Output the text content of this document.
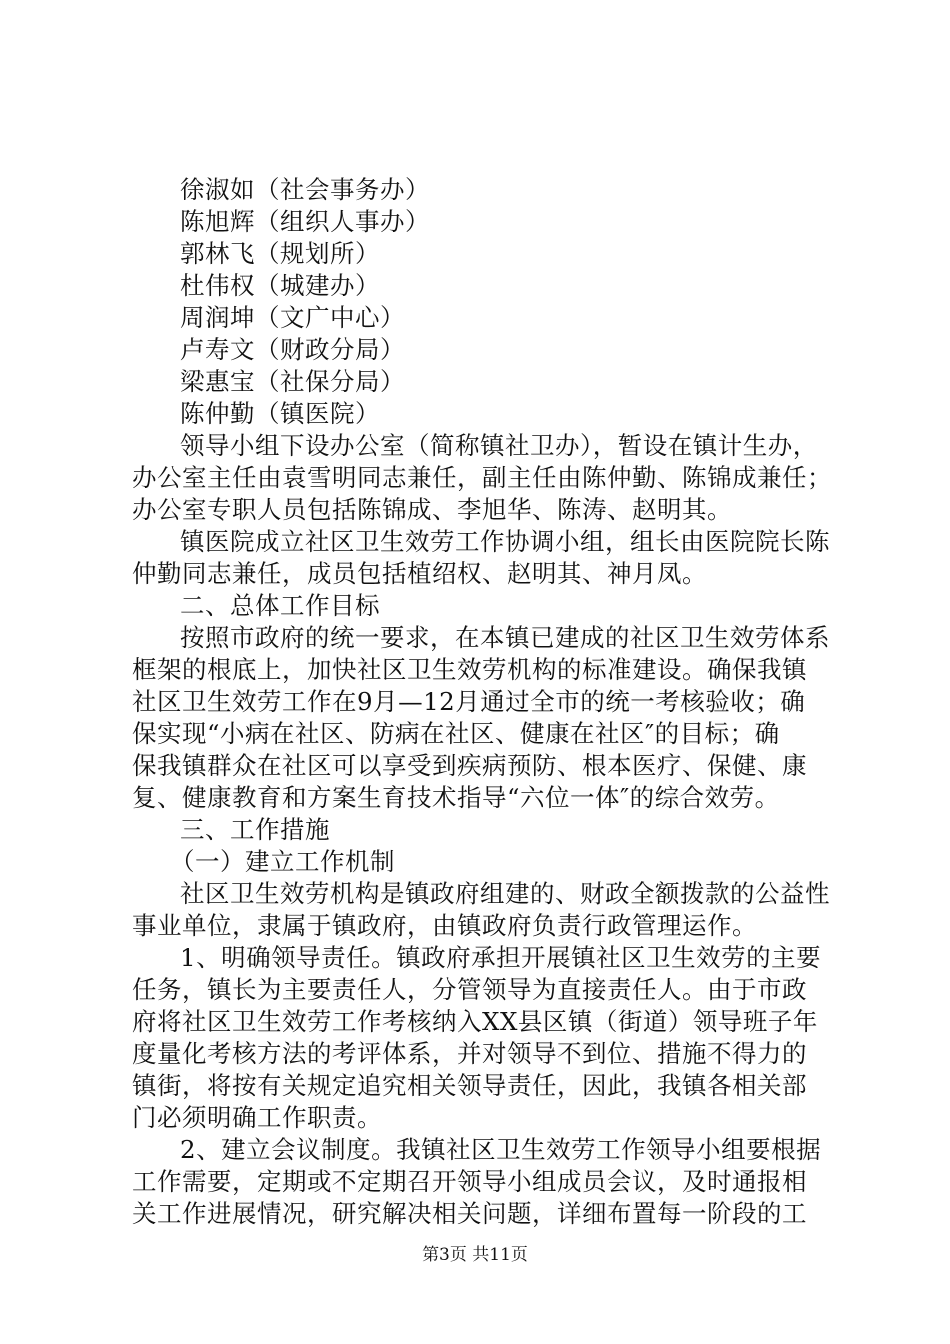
徐淑如（社会事务办）
陈旭辉（组织人事办）
郭林飞（规划所）
杜伟权（城建办）
周润坤（文广中心）
卢寿文（财政分局）
梁惠宝（社保分局）
陈仲勤（镇医院）
领导小组下设办公室（简称镇社卫办），暂设在镇计生办，
办公室主任由袁雪明同志兼任，副主任由陈仲勤、陈锦成兼任；
办公室专职人员包括陈锦成、李旭华、陈涛、赵明其。
镇医院成立社区卫生效劳工作协调小组，组长由医院院长陈
仲勤同志兼任，成员包括植绍权、赵明其、神月凤。
二、总体工作目标
按照市政府的统一要求，在本镇已建成的社区卫生效劳体系
框架的根底上，加快社区卫生效劳机构的标准建设。确保我镇
社区卫生效劳工作在9月—12月通过全市的统一考核验收；确
保实现“小病在社区、防病在社区、健康在社区″的目标；确
保我镇群众在社区可以享受到疾病预防、根本医疗、保健、康
复、健康教育和方案生育技术指导“六位一体″的综合效劳。
三、工作措施
（一）建立工作机制
社区卫生效劳机构是镇政府组建的、财政全额拨款的公益性
事业单位，隶属于镇政府，由镇政府负责行政管理运作。
1、明确领导责任。镇政府承担开展镇社区卫生效劳的主要
任务，镇长为主要责任人，分管领导为直接责任人。由于市政
府将社区卫生效劳工作考核纳入XX县区镇（街道）领导班子年
度量化考核方法的考评体系，并对领导不到位、措施不得力的
镇街，将按有关规定追究相关领导责任，因此，我镇各相关部
门必须明确工作职责。
2、建立会议制度。我镇社区卫生效劳工作领导小组要根据
工作需要，定期或不定期召开领导小组成员会议，及时通报相
关工作进展情况，研究解决相关问题，详细布置每一阶段的工
第3页 共11页
